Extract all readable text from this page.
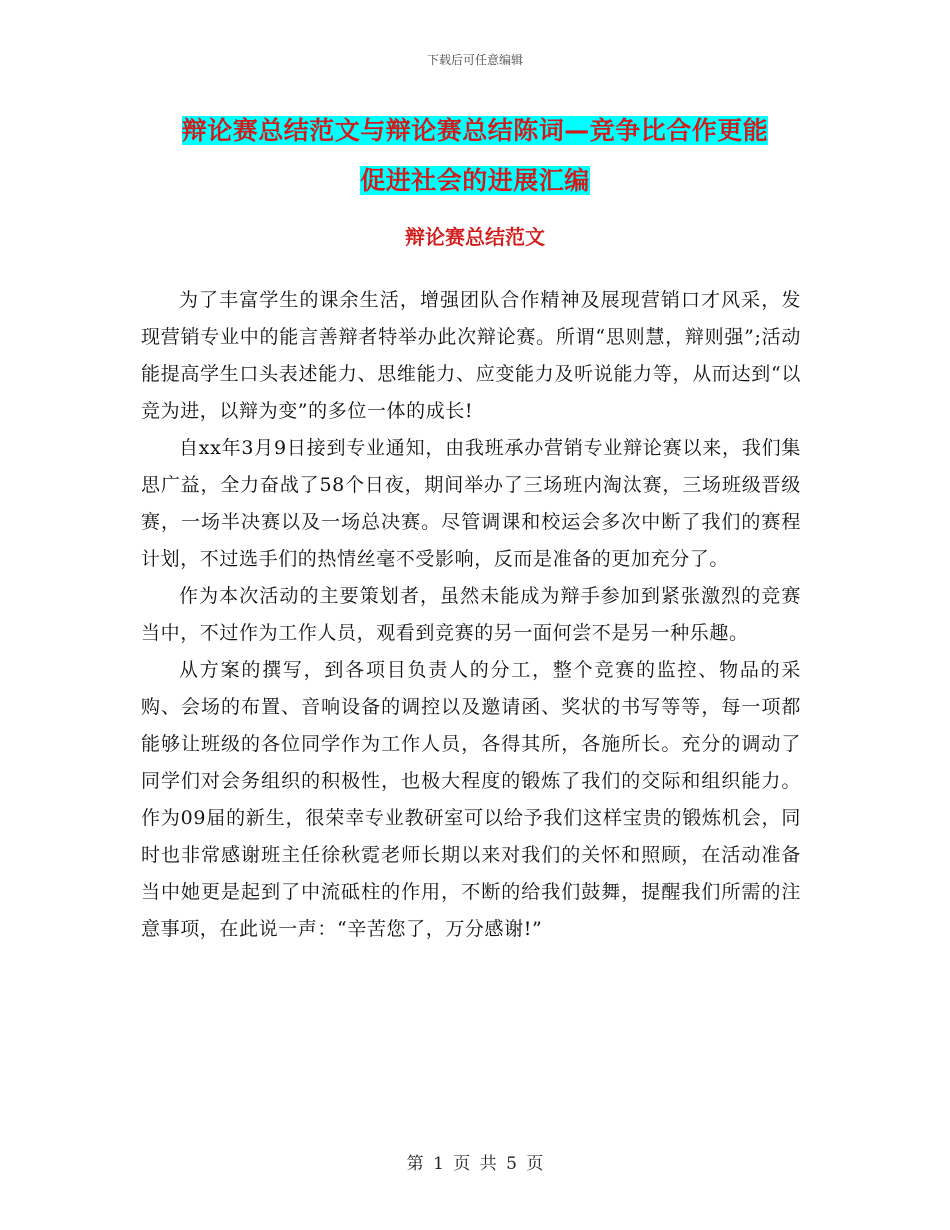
下载后可任意编辑
辩论赛总结范文与辩论赛总结陈词—竞争比合作更能
促进社会的进展汇编
辩论赛总结范文

为了丰富学生的课余生活，增强团队合作精神及展现营销口才风采，发现营销专业中的能言善辩者特举办此次辩论赛。所谓“思则慧，辩则强”;活动能提高学生口头表述能力、思维能力、应变能力及听说能力等，从而达到“以竞为进，以辩为变”的多位一体的成长!

自xx年3月9日接到专业通知，由我班承办营销专业辩论赛以来，我们集思广益，全力奋战了58个日夜，期间举办了三场班内淘汰赛，三场班级晋级赛，一场半决赛以及一场总决赛。尽管调课和校运会多次中断了我们的赛程计划，不过选手们的热情丝毫不受影响，反而是准备的更加充分了。

作为本次活动的主要策划者，虽然未能成为辩手参加到紧张激烈的竞赛当中，不过作为工作人员，观看到竞赛的另一面何尝不是另一种乐趣。

从方案的撰写，到各项目负责人的分工，整个竞赛的监控、物品的采购、会场的布置、音响设备的调控以及邀请函、奖状的书写等等，每一项都能够让班级的各位同学作为工作人员，各得其所，各施所长。充分的调动了同学们对会务组织的积极性，也极大程度的锻炼了我们的交际和组织能力。作为09届的新生，很荣幸专业教研室可以给予我们这样宝贵的锻炼机会，同时也非常感谢班主任徐秋霓老师长期以来对我们的关怀和照顾，在活动准备当中她更是起到了中流砥柱的作用，不断的给我们鼓舞，提醒我们所需的注意事项，在此说一声：“辛苦您了，万分感谢!”

第 1 页 共 5 页
